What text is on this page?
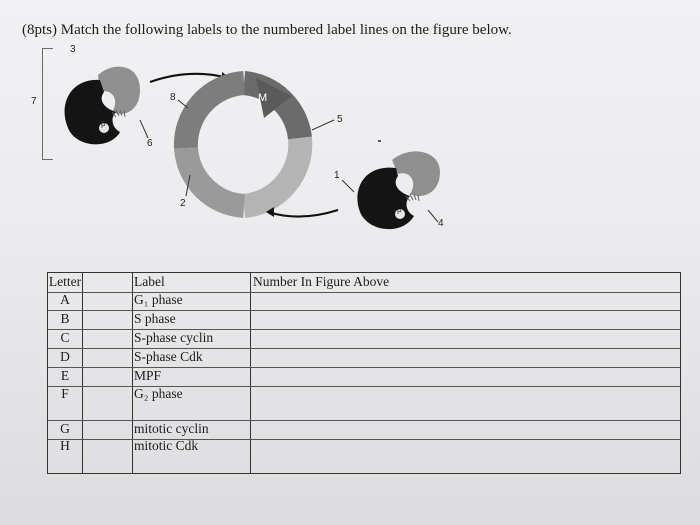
(8pts) Match the following labels to the numbered label lines on the figure below.
3
7	8	M
5
6
1
2
4
P
P
Letter	Label	Number In Figure Above
A	G₁ phase
B	S phase
C	S-phase cyclin
D	S-phase Cdk
E	MPF
F	G₂ phase
G	mitotic cyclin
H	mitotic Cdk
